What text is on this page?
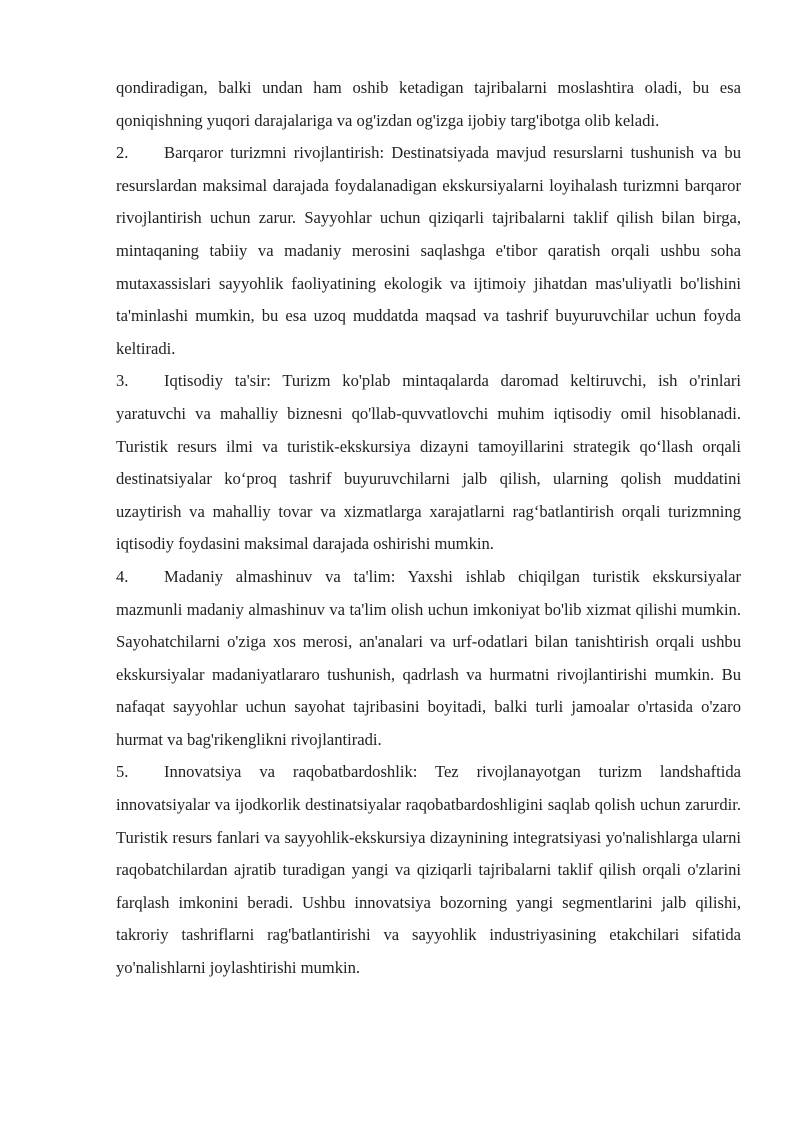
qondiradigan, balki undan ham oshib ketadigan tajribalarni moslashtira oladi, bu esa qoniqishning yuqori darajalariga va og'izdan og'izga ijobiy targ'ibotga olib keladi.

2. Barqaror turizmni rivojlantirish: Destinatsiyada mavjud resurslarni tushunish va bu resurslardan maksimal darajada foydalanadigan ekskursiyalarni loyihalash turizmni barqaror rivojlantirish uchun zarur. Sayyohlar uchun qiziqarli tajribalarni taklif qilish bilan birga, mintaqaning tabiiy va madaniy merosini saqlashga e'tibor qaratish orqali ushbu soha mutaxassislari sayyohlik faoliyatining ekologik va ijtimoiy jihatdan mas'uliyatli bo'lishini ta'minlashi mumkin, bu esa uzoq muddatda maqsad va tashrif buyuruvchilar uchun foyda keltiradi.

3. Iqtisodiy ta'sir: Turizm ko'plab mintaqalarda daromad keltiruvchi, ish o'rinlari yaratuvchi va mahalliy biznesni qo'llab-quvvatlovchi muhim iqtisodiy omil hisoblanadi. Turistik resurs ilmi va turistik-ekskursiya dizayni tamoyillarini strategik qo‘llash orqali destinatsiyalar ko‘proq tashrif buyuruvchilarni jalb qilish, ularning qolish muddatini uzaytirish va mahalliy tovar va xizmatlarga xarajatlarni rag‘batlantirish orqali turizmning iqtisodiy foydasini maksimal darajada oshirishi mumkin.

4. Madaniy almashinuv va ta'lim: Yaxshi ishlab chiqilgan turistik ekskursiyalar mazmunli madaniy almashinuv va ta'lim olish uchun imkoniyat bo'lib xizmat qilishi mumkin. Sayohatchilarni o'ziga xos merosi, an'analari va urf-odatlari bilan tanishtirish orqali ushbu ekskursiyalar madaniyatlararo tushunish, qadrlash va hurmatni rivojlantirishi mumkin. Bu nafaqat sayyohlar uchun sayohat tajribasini boyitadi, balki turli jamoalar o'rtasida o'zaro hurmat va bag'rikenglikni rivojlantiradi.

5. Innovatsiya va raqobatbardoshlik: Tez rivojlanayotgan turizm landshaftida innovatsiyalar va ijodkorlik destinatsiyalar raqobatbardoshligini saqlab qolish uchun zarurdir. Turistik resurs fanlari va sayyohlik-ekskursiya dizaynining integratsiyasi yo'nalishlarga ularni raqobatchilardan ajratib turadigan yangi va qiziqarli tajribalarni taklif qilish orqali o'zlarini farqlash imkonini beradi. Ushbu innovatsiya bozorning yangi segmentlarini jalb qilishi, takroriy tashriflarni rag'batlantirishi va sayyohlik industriyasining etakchilari sifatida yo'nalishlarni joylashtirishi mumkin.
